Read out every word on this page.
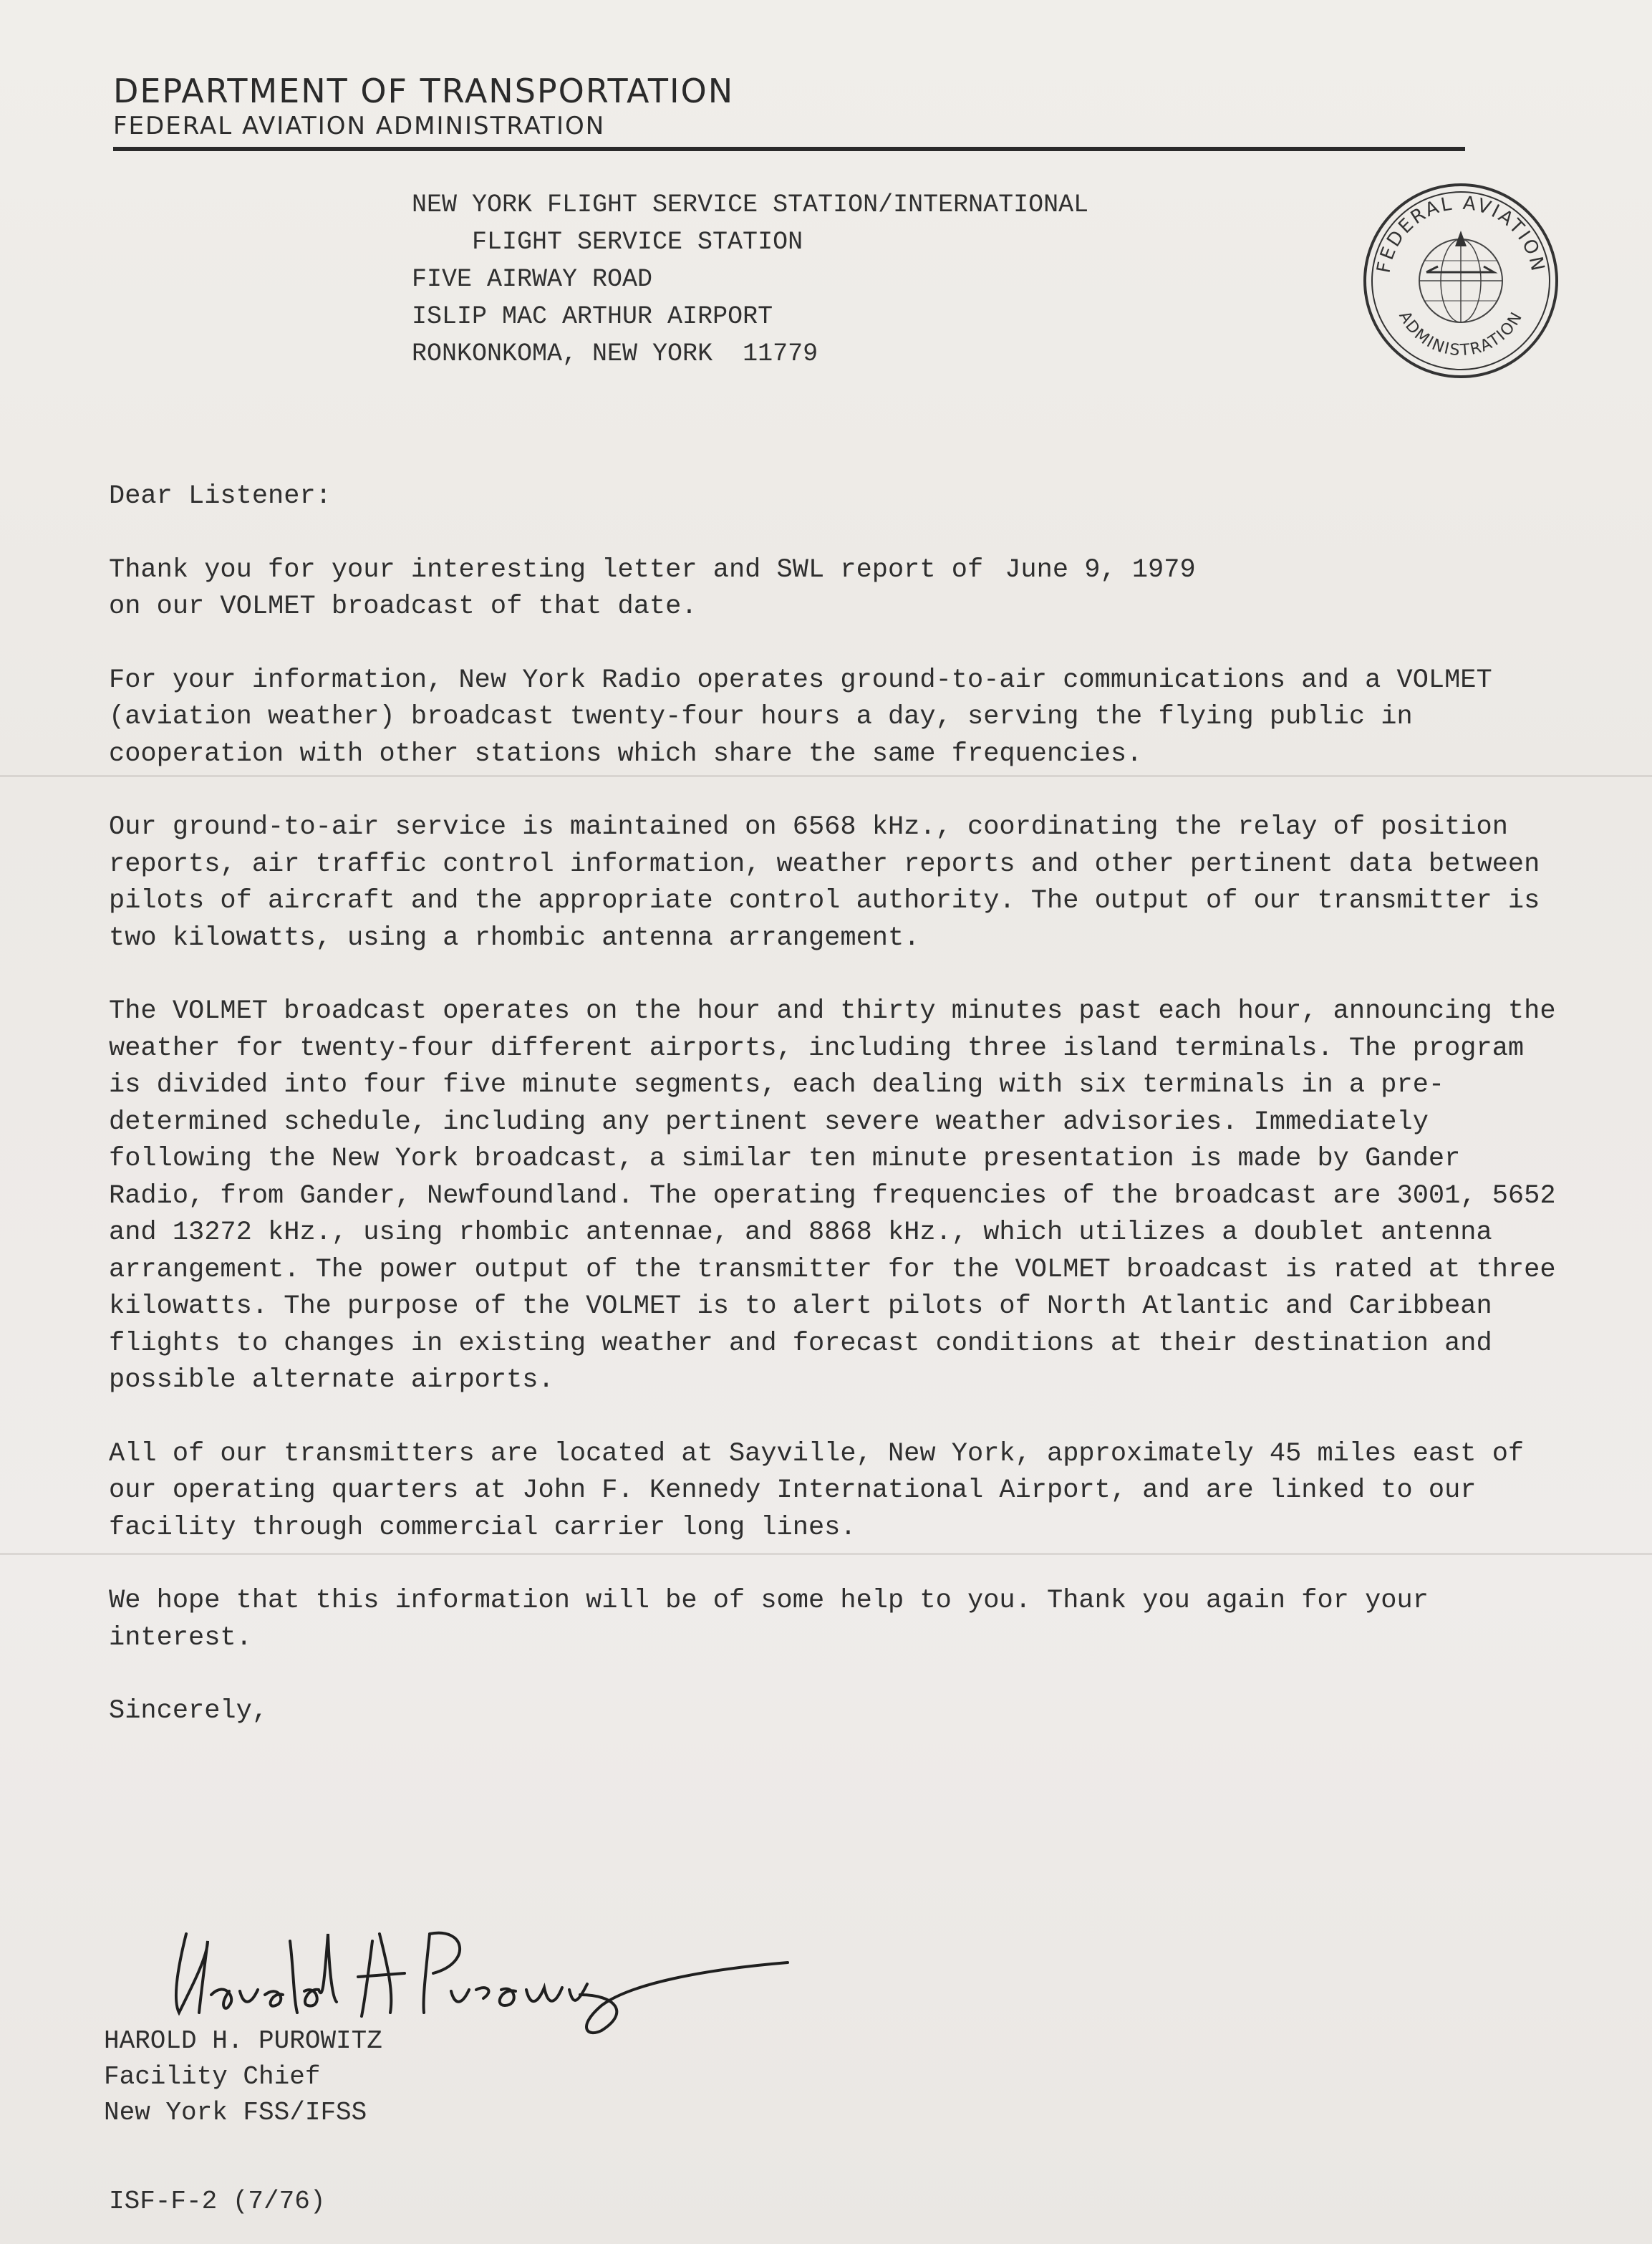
DEPARTMENT OF TRANSPORTATION
FEDERAL AVIATION ADMINISTRATION
NEW YORK FLIGHT SERVICE STATION/INTERNATIONAL
FLIGHT SERVICE STATION
FIVE AIRWAY ROAD
ISLIP MAC ARTHUR AIRPORT
RONKONKOMA, NEW YORK  11779
FEDERAL AVIATION
ADMINISTRATION

Dear Listener:

Thank you for your interesting letter and SWL report of June 9, 1979
on our VOLMET broadcast of that date.

For your information, New York Radio operates ground-to-air communications and a VOLMET (aviation weather) broadcast twenty-four hours a day, serving the flying public in cooperation with other stations which share the same frequencies.

Our ground-to-air service is maintained on 6568 kHz., coordinating the relay of position reports, air traffic control information, weather reports and other pertinent data between pilots of aircraft and the appropriate control authority. The output of our transmitter is two kilowatts, using a rhombic antenna arrangement.

The VOLMET broadcast operates on the hour and thirty minutes past each hour, announcing the weather for twenty-four different airports, including three island terminals. The program is divided into four five minute segments, each dealing with six terminals in a pre-determined schedule, including any pertinent severe weather advisories. Immediately following the New York broadcast, a similar ten minute presentation is made by Gander Radio, from Gander, Newfoundland. The operating frequencies of the broadcast are 3001, 5652 and 13272 kHz., using rhombic antennae, and 8868 kHz., which utilizes a doublet antenna arrangement. The power output of the transmitter for the VOLMET broadcast is rated at three kilowatts. The purpose of the VOLMET is to alert pilots of North Atlantic and Caribbean flights to changes in existing weather and forecast conditions at their destination and possible alternate airports.

All of our transmitters are located at Sayville, New York, approximately 45 miles east of our operating quarters at John F. Kennedy International Airport, and are linked to our facility through commercial carrier long lines.

We hope that this information will be of some help to you. Thank you again for your interest.

Sincerely,

HAROLD H. PUROWITZ
Facility Chief
New York FSS/IFSS
ISF-F-2 (7/76)
